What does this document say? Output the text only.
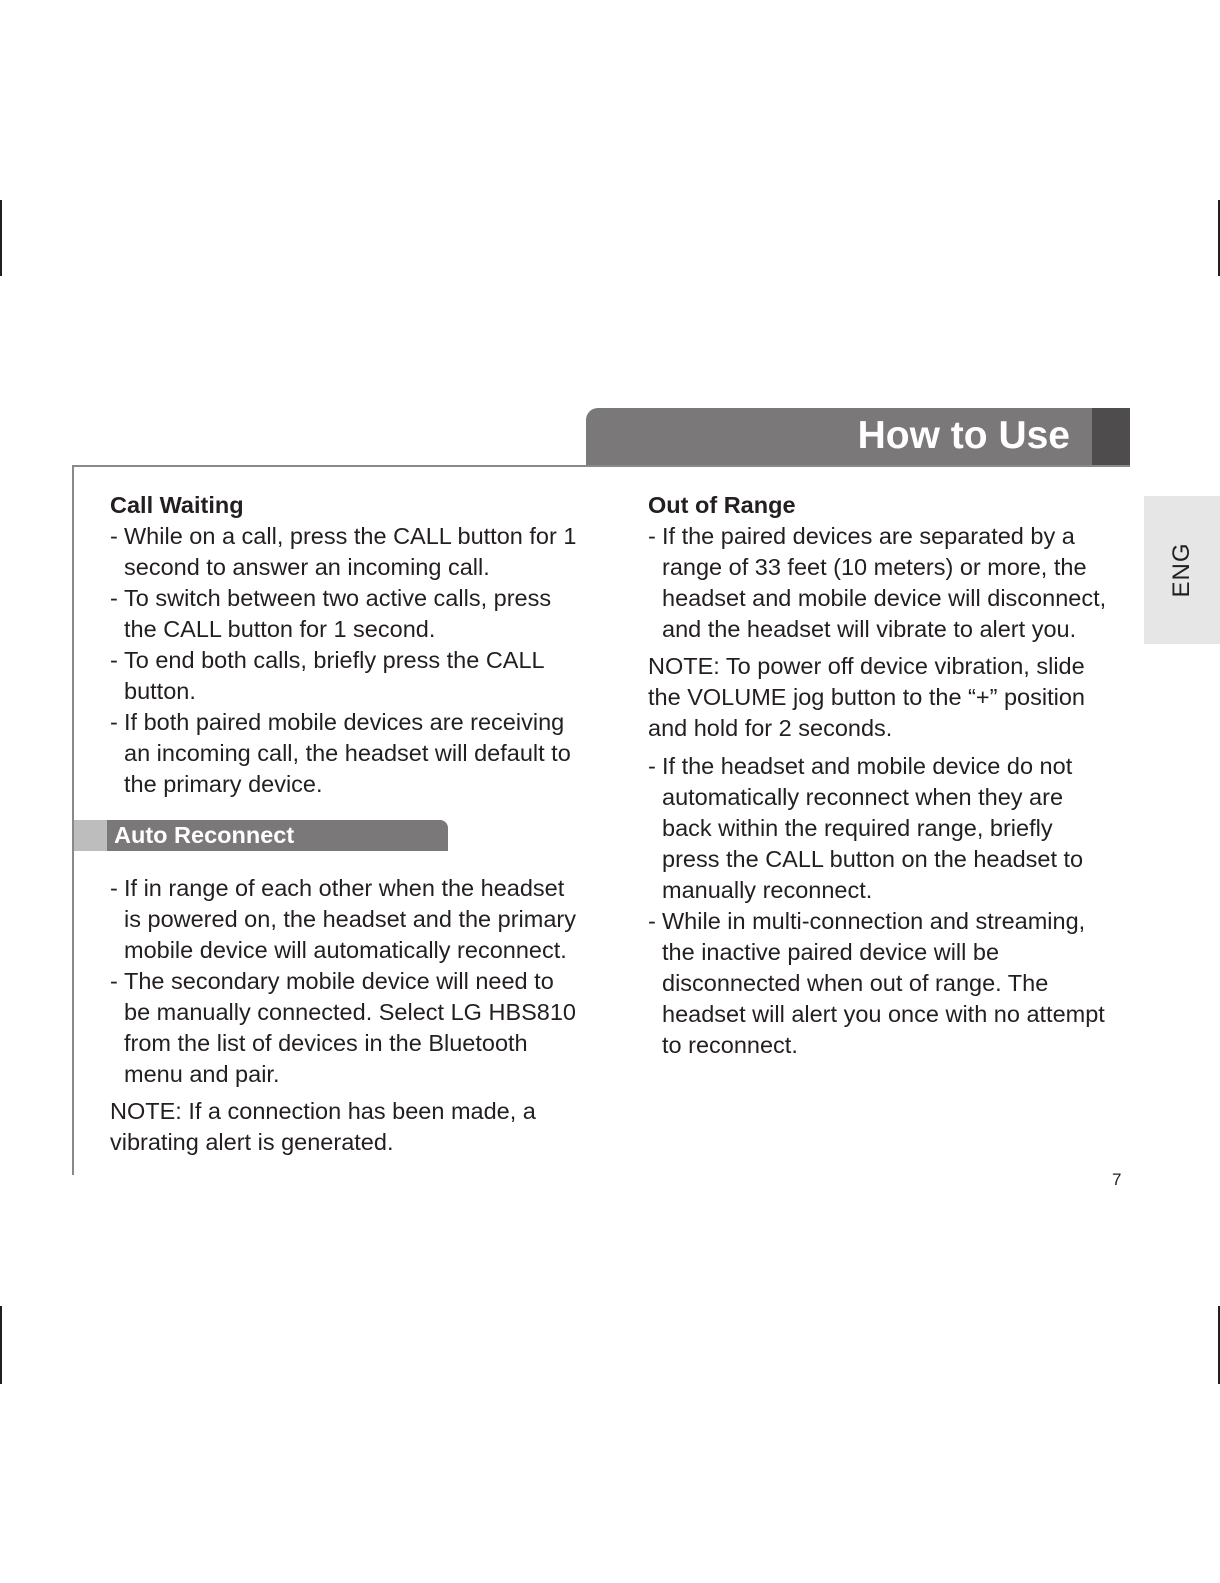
How to Use
ENG

Call Waiting

- While on a call, press the CALL button for 1 second to answer an incoming call.
- To switch between two active calls, press the CALL button for 1 second.
- To end both calls, briefly press the CALL button.
- If both paired mobile devices are receiving an incoming call, the headset will default to the primary device.
Auto Reconnect
- If in range of each other when the headset is powered on, the headset and the primary mobile device will automatically reconnect.
- The secondary mobile device will need to be manually connected. Select LG HBS810 from the list of devices in the Bluetooth menu and pair.

NOTE: If a connection has been made, a vibrating alert is generated.

Out of Range

- If the paired devices are separated by a range of 33 feet (10 meters) or more, the headset and mobile device will disconnect, and the headset will vibrate to alert you.

NOTE: To power off device vibration, slide the VOLUME jog button to the “+” position and hold for 2 seconds.

- If the headset and mobile device do not automatically reconnect when they are back within the required range, briefly press the CALL button on the headset to manually reconnect.
- While in multi-connection and streaming, the inactive paired device will be disconnected when out of range. The headset will alert you once with no attempt to reconnect.
7
